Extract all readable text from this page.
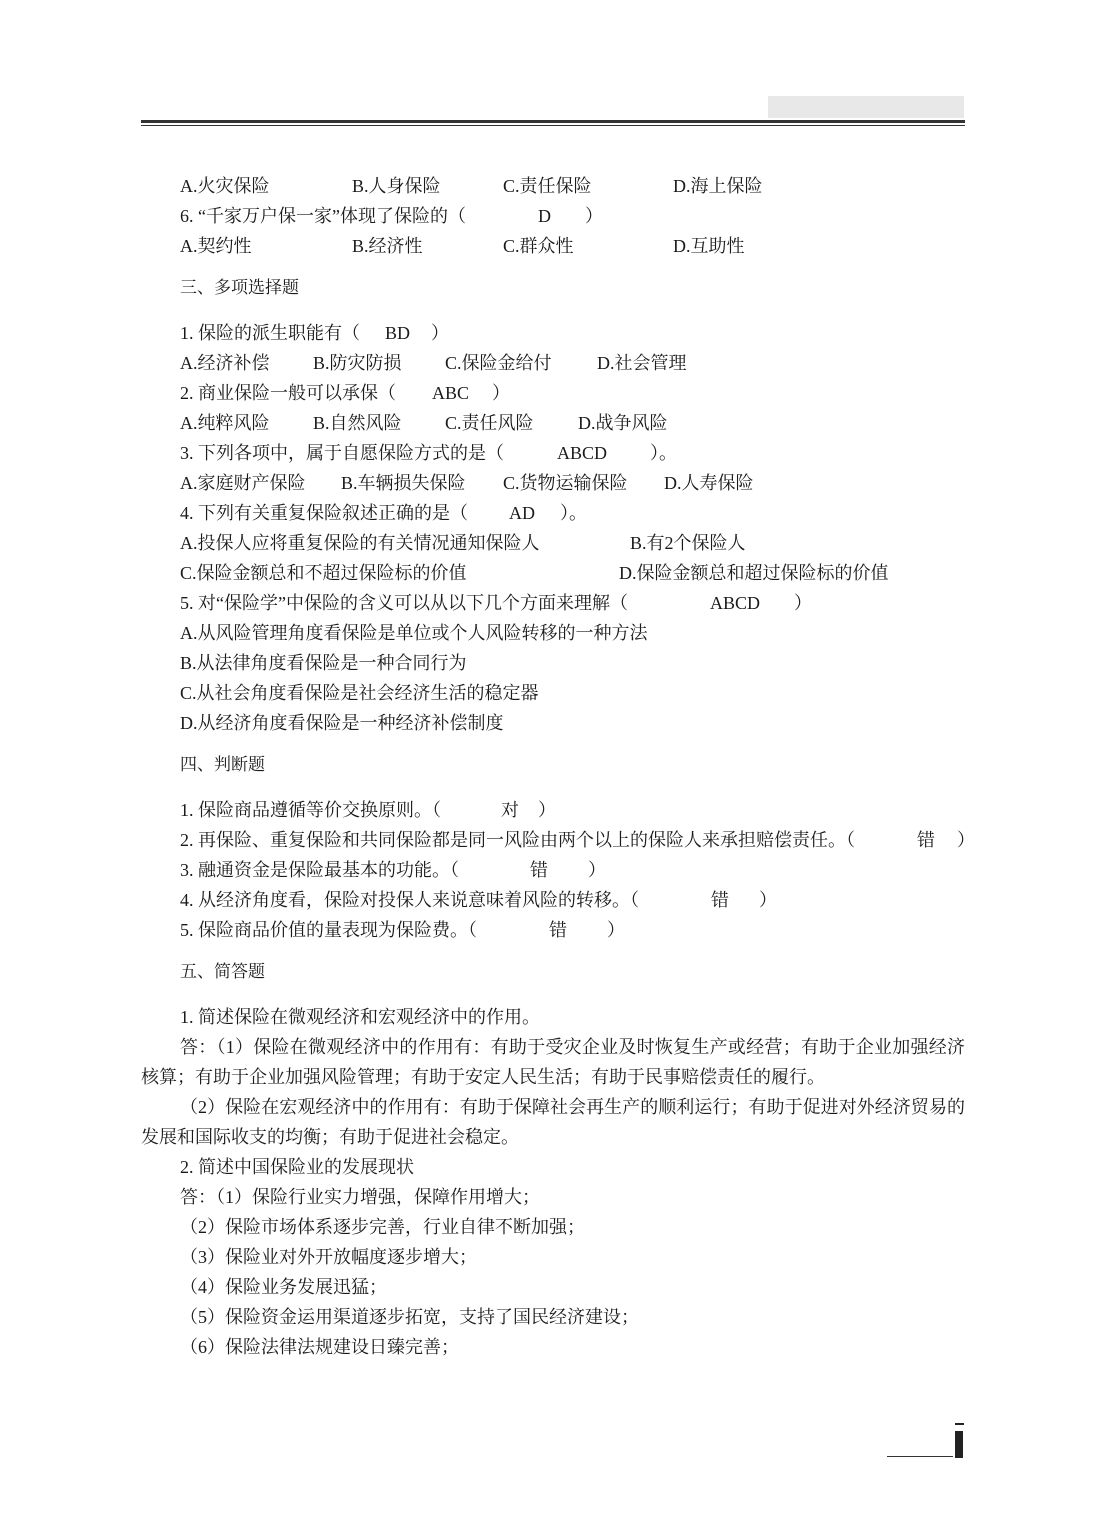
A.火灾保险	B.人身保险	C.责任保险	D.海上保险
6. “千家万户保一家”体现了保险的（	D ）
A.契约性	B.经济性	C.群众性	D.互助性
三、多项选择题
1. 保险的派生职能有（ BD ）
A.经济补偿 B.防灾防损 C.保险金给付	D.社会管理
2. 商业保险一般可以承保（ ABC ）
A.纯粹风险 B.自然风险 C.责任风险 D.战争风险
3. 下列各项中，属于自愿保险方式的是（	ABCD ）。
A.家庭财产保险 B.车辆损失保险 C.货物运输保险 D.人寿保险
4. 下列有关重复保险叙述正确的是（ AD ）。
A.投保人应将重复保险的有关情况通知保险人	B.有2个保险人
C.保险金额总和不超过保险标的价值	D.保险金额总和超过保险标的价值
5. 对“保险学”中保险的含义可以从以下几个方面来理解（	ABCD ）
A.从风险管理角度看保险是单位或个人风险转移的一种方法
B.从法律角度看保险是一种合同行为
C.从社会角度看保险是社会经济生活的稳定器
D.从经济角度看保险是一种经济补偿制度
四、判断题
1. 保险商品遵循等价交换原则。（	对 ）
2. 再保险、重复保险和共同保险都是同一风险由两个以上的保险人来承担赔偿责任。（	错 ）
3. 融通资金是保险最基本的功能。（	错 ）
4. 从经济角度看，保险对投保人来说意味着风险的转移。（	错 ）
5. 保险商品价值的量表现为保险费。（	错 ）
五、简答题
1. 简述保险在微观经济和宏观经济中的作用。

答：（1）保险在微观经济中的作用有：有助于受灾企业及时恢复生产或经营；有助于企业加强经济核算；有助于企业加强风险管理；有助于安定人民生活；有助于民事赔偿责任的履行。

（2）保险在宏观经济中的作用有：有助于保障社会再生产的顺利运行；有助于促进对外经济贸易的发展和国际收支的均衡；有助于促进社会稳定。

2. 简述中国保险业的发展现状
答：（1）保险行业实力增强，保障作用增大；
（2）保险市场体系逐步完善，行业自律不断加强；
（3）保险业对外开放幅度逐步增大；
（4）保险业务发展迅猛；
（5）保险资金运用渠道逐步拓宽，支持了国民经济建设；
（6）保险法律法规建设日臻完善；
